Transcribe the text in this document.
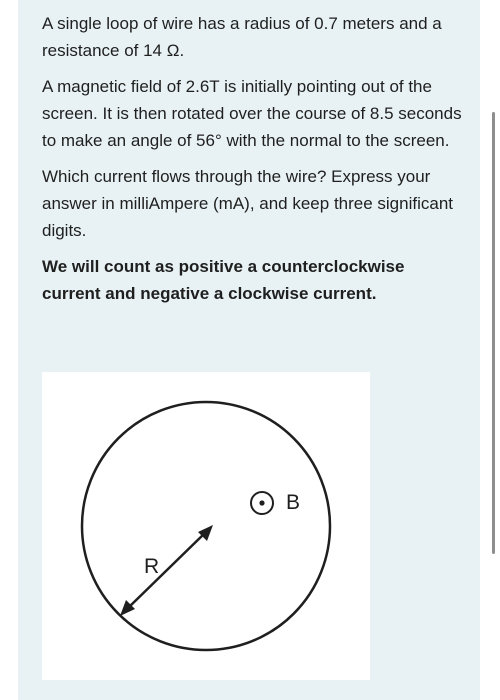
A single loop of wire has a radius of 0.7 meters and a resistance of 14 Ω.

A magnetic field of 2.6T is initially pointing out of the screen. It is then rotated over the course of 8.5 seconds to make an angle of 56° with the normal to the screen.

Which current flows through the wire? Express your answer in milliAmpere (mA), and keep three significant digits.

We will count as positive a counterclockwise current and negative a clockwise current.

R
B
